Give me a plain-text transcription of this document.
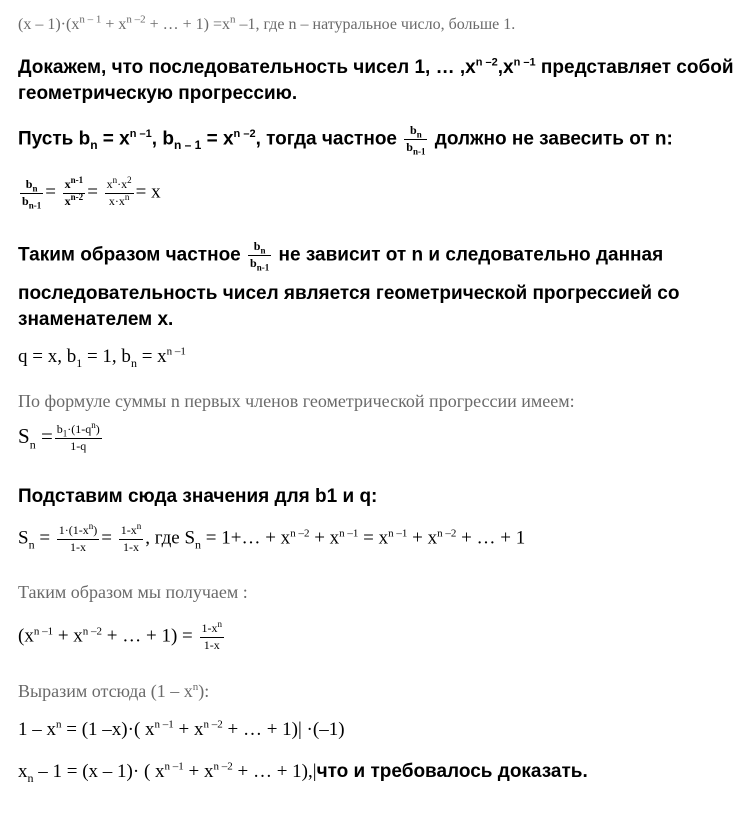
$(x - 1)\cdot(x^{n - 1} + x^{n -2}$ + … + $1) =x^n$ –1, где n – натуральное число, больше 1.
Докажем, что последовательность чисел 1, … $,x^{n -2},x^{n -1}$ представляет собой
геометрическую прогрессию.
Пусть $b_n = x^{n -1}$, $b_{n - 1} = x^{n -2}$, тогда частное $\frac{b_n}{b_{n-1}}$ должно не завесить от n:
$\frac{b_n}{b_{n-1}} = \frac{x^{n-1}}{x^{n-2}} = \frac{x^n\cdot x^2}{x\cdot x^n} = x$
Таким образом частное $\frac{b_n}{b_{n-1}}$ не зависит от n и следовательно данная
последовательность чисел является геометрической прогрессией со
знаменателем x.
q = x, $b_1 = 1$, $b_n = x^{n -1}$
По формуле суммы n первых членов геометрической прогрессии имеем:
$S_n = \frac{b_1\cdot(1-q^n)}{1-q}$
Подставим сюда значения для b1 и q:
$S_n = \frac{1\cdot(1-x^n)}{1-x} = \frac{1-x^n}{1-x}$ , где $S_n$ = 1+… + $x^{n -2} + x^{n -1} = x^{n -1} + x^{n -2}$ + … + 1
Таким образом мы получаем :
($x^{n -1} + x^{n -2}$ + … + $1) = \frac{1-x^n}{1-x}$
Выразим отсюда $(1 - x^n)$:
$1 - x^n = (1$ –x)·( $x^{n -1} + x^{n -2}$ + … + 1)| ·(–1)
$x_n - 1 = (x - 1)\cdot$ ( $x^{n -1} + x^{n -2}$ + … + 1),|что и требовалось доказать.
